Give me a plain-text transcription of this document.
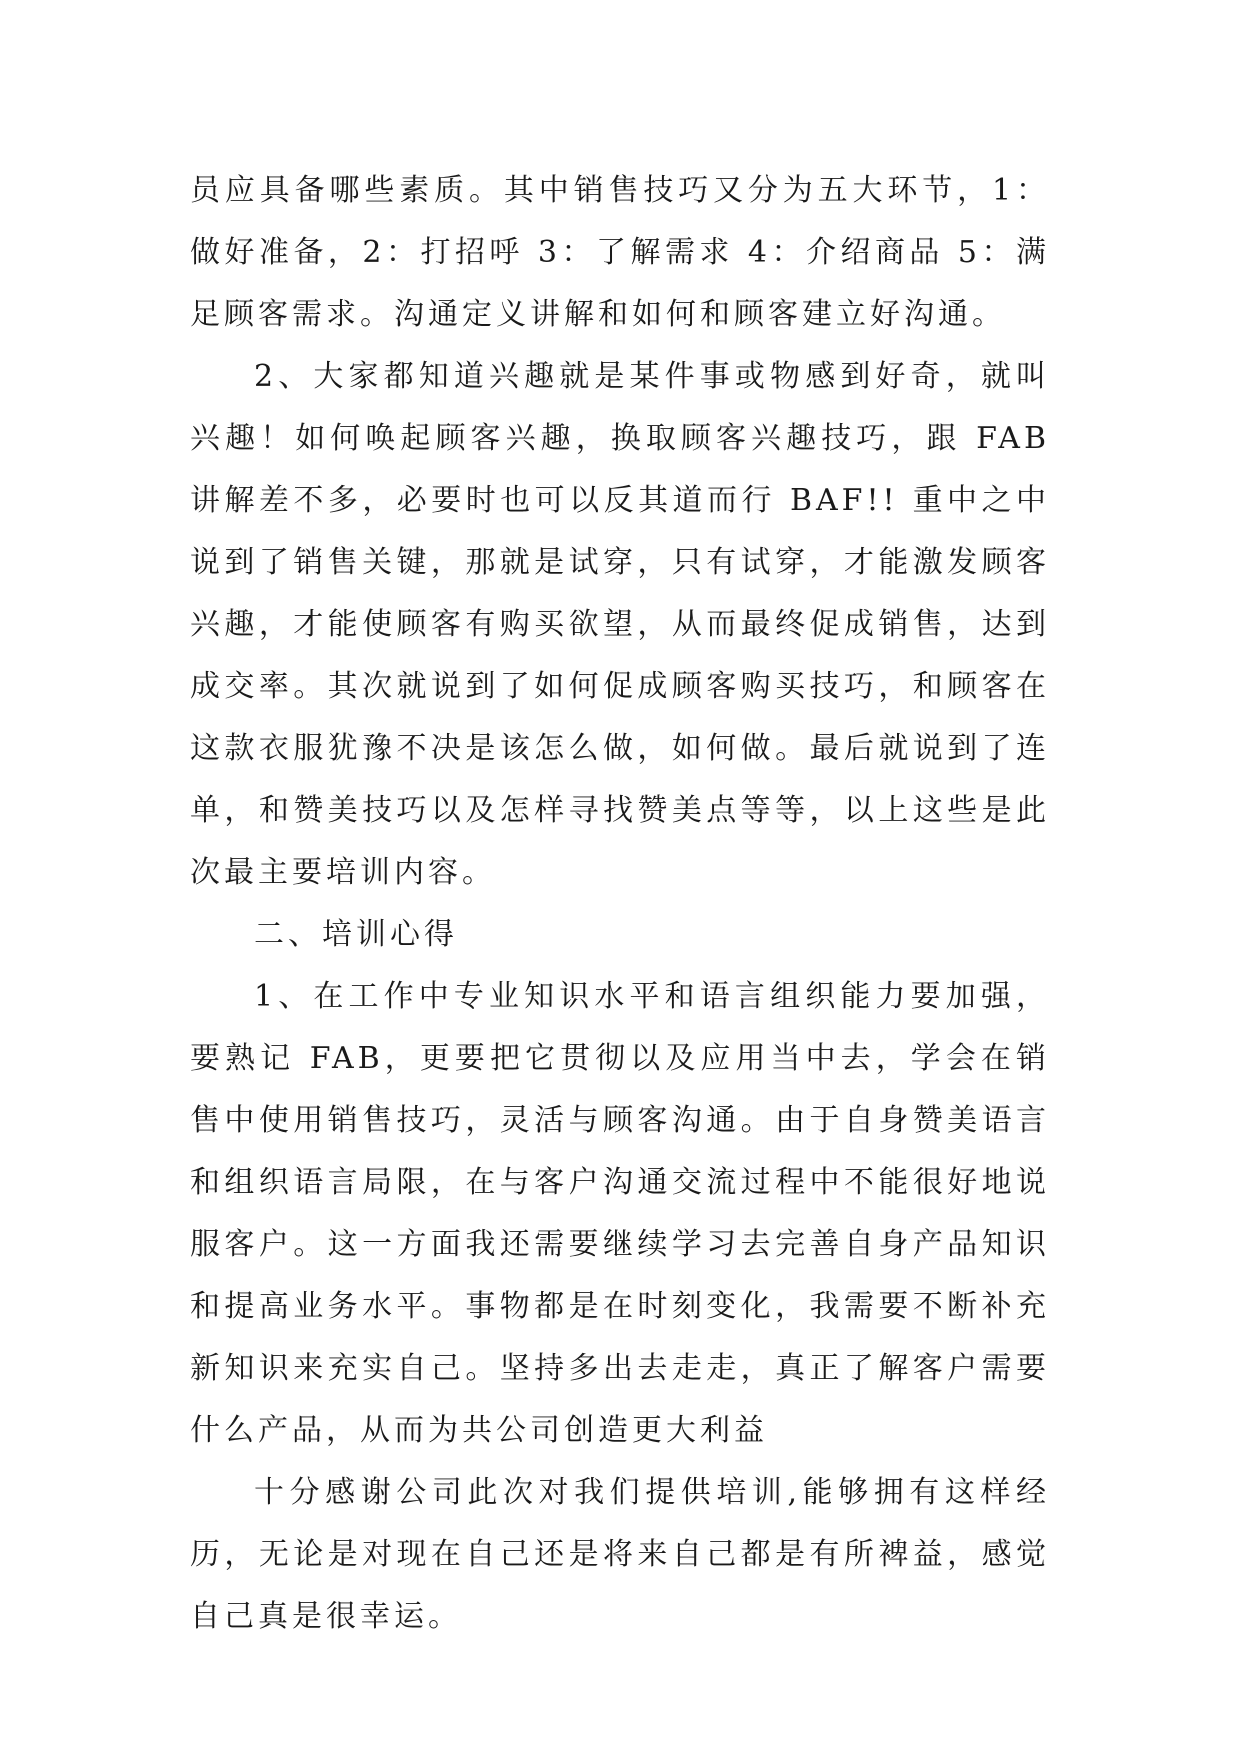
员应具备哪些素质。其中销售技巧又分为五大环节，1：做好准备，2：打招呼 3：了解需求 4：介绍商品 5：满足顾客需求。沟通定义讲解和如何和顾客建立好沟通。

2、大家都知道兴趣就是某件事或物感到好奇，就叫兴趣！如何唤起顾客兴趣，换取顾客兴趣技巧，跟 FAB 讲解差不多，必要时也可以反其道而行 BAF!! 重中之中说到了销售关键，那就是试穿，只有试穿，才能激发顾客兴趣，才能使顾客有购买欲望，从而最终促成销售，达到成交率。其次就说到了如何促成顾客购买技巧，和顾客在这款衣服犹豫不决是该怎么做，如何做。最后就说到了连单，和赞美技巧以及怎样寻找赞美点等等，以上这些是此次最主要培训内容。

二、培训心得

1、在工作中专业知识水平和语言组织能力要加强，要熟记 FAB，更要把它贯彻以及应用当中去，学会在销售中使用销售技巧，灵活与顾客沟通。由于自身赞美语言和组织语言局限，在与客户沟通交流过程中不能很好地说服客户。这一方面我还需要继续学习去完善自身产品知识和提高业务水平。事物都是在时刻变化，我需要不断补充新知识来充实自己。坚持多出去走走，真正了解客户需要什么产品，从而为共公司创造更大利益

十分感谢公司此次对我们提供培训,能够拥有这样经历，无论是对现在自己还是将来自己都是有所裨益，感觉自己真是很幸运。
